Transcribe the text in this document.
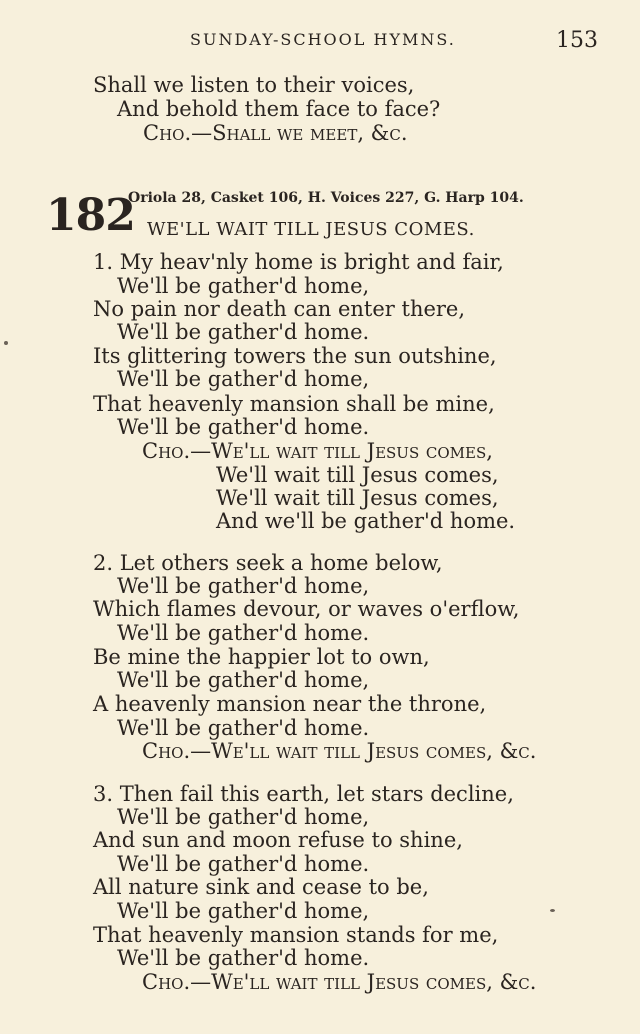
SUNDAY-SCHOOL HYMNS.	153
Shall we listen to their voices,
And behold them face to face?
Cho.—Shall we meet, &c.
182
Oriola 28, Casket 106, H. Voices 227, G. Harp 104.
WE'LL WAIT TILL JESUS COMES.
1. My heav'nly home is bright and fair,
We'll be gather'd home,
No pain nor death can enter there,
We'll be gather'd home.
Its glittering towers the sun outshine,
We'll be gather'd home,
That heavenly mansion shall be mine,
We'll be gather'd home.
Cho.—We'll wait till Jesus comes,
We'll wait till Jesus comes,
We'll wait till Jesus comes,
And we'll be gather'd home.
2. Let others seek a home below,
We'll be gather'd home,
Which flames devour, or waves o'erflow,
We'll be gather'd home.
Be mine the happier lot to own,
We'll be gather'd home,
A heavenly mansion near the throne,
We'll be gather'd home.
Cho.—We'll wait till Jesus comes, &c.
3. Then fail this earth, let stars decline,
We'll be gather'd home,
And sun and moon refuse to shine,
We'll be gather'd home.
All nature sink and cease to be,
We'll be gather'd home,
That heavenly mansion stands for me,
We'll be gather'd home.
Cho.—We'll wait till Jesus comes, &c.
